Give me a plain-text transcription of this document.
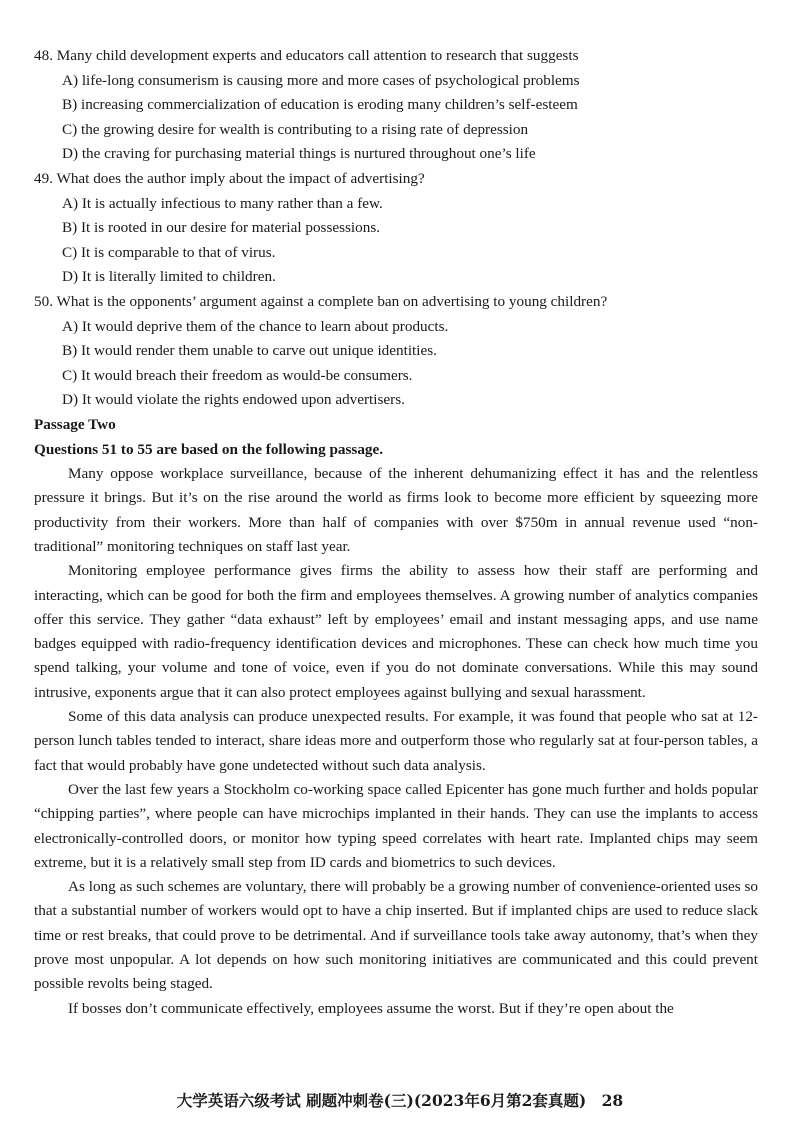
48. Many child development experts and educators call attention to research that suggests
A) life-long consumerism is causing more and more cases of psychological problems
B) increasing commercialization of education is eroding many children’s self-esteem
C) the growing desire for wealth is contributing to a rising rate of depression
D) the craving for purchasing material things is nurtured throughout one’s life
49. What does the author imply about the impact of advertising?
A) It is actually infectious to many rather than a few.
B) It is rooted in our desire for material possessions.
C) It is comparable to that of virus.
D) It is literally limited to children.
50. What is the opponents’ argument against a complete ban on advertising to young children?
A) It would deprive them of the chance to learn about products.
B) It would render them unable to carve out unique identities.
C) It would breach their freedom as would-be consumers.
D) It would violate the rights endowed upon advertisers.
Passage Two
Questions 51 to 55 are based on the following passage.

Many oppose workplace surveillance, because of the inherent dehumanizing effect it has and the relentless pressure it brings. But it’s on the rise around the world as firms look to become more efficient by squeezing more productivity from their workers. More than half of companies with over $750m in annual revenue used “non-traditional” monitoring techniques on staff last year.

Monitoring employee performance gives firms the ability to assess how their staff are performing and interacting, which can be good for both the firm and employees themselves. A growing number of analytics companies offer this service. They gather “data exhaust” left by employees’ email and instant messaging apps, and use name badges equipped with radio-frequency identification devices and microphones. These can check how much time you spend talking, your volume and tone of voice, even if you do not dominate conversations. While this may sound intrusive, exponents argue that it can also protect employees against bullying and sexual harassment.

Some of this data analysis can produce unexpected results. For example, it was found that people who sat at 12-person lunch tables tended to interact, share ideas more and outperform those who regularly sat at four-person tables, a fact that would probably have gone undetected without such data analysis.

Over the last few years a Stockholm co-working space called Epicenter has gone much further and holds popular “chipping parties”, where people can have microchips implanted in their hands. They can use the implants to access electronically-controlled doors, or monitor how typing speed correlates with heart rate. Implanted chips may seem extreme, but it is a relatively small step from ID cards and biometrics to such devices.

As long as such schemes are voluntary, there will probably be a growing number of convenience-oriented uses so that a substantial number of workers would opt to have a chip inserted. But if implanted chips are used to reduce slack time or rest breaks, that could prove to be detrimental. And if surveillance tools take away autonomy, that’s when they prove most unpopular. A lot depends on how such monitoring initiatives are communicated and this could prevent possible revolts being staged.

If bosses don’t communicate effectively, employees assume the worst. But if they’re open about the

大学英语六级考试 刷题冲刺卷(三)(2023年6月第2套真题) 28
